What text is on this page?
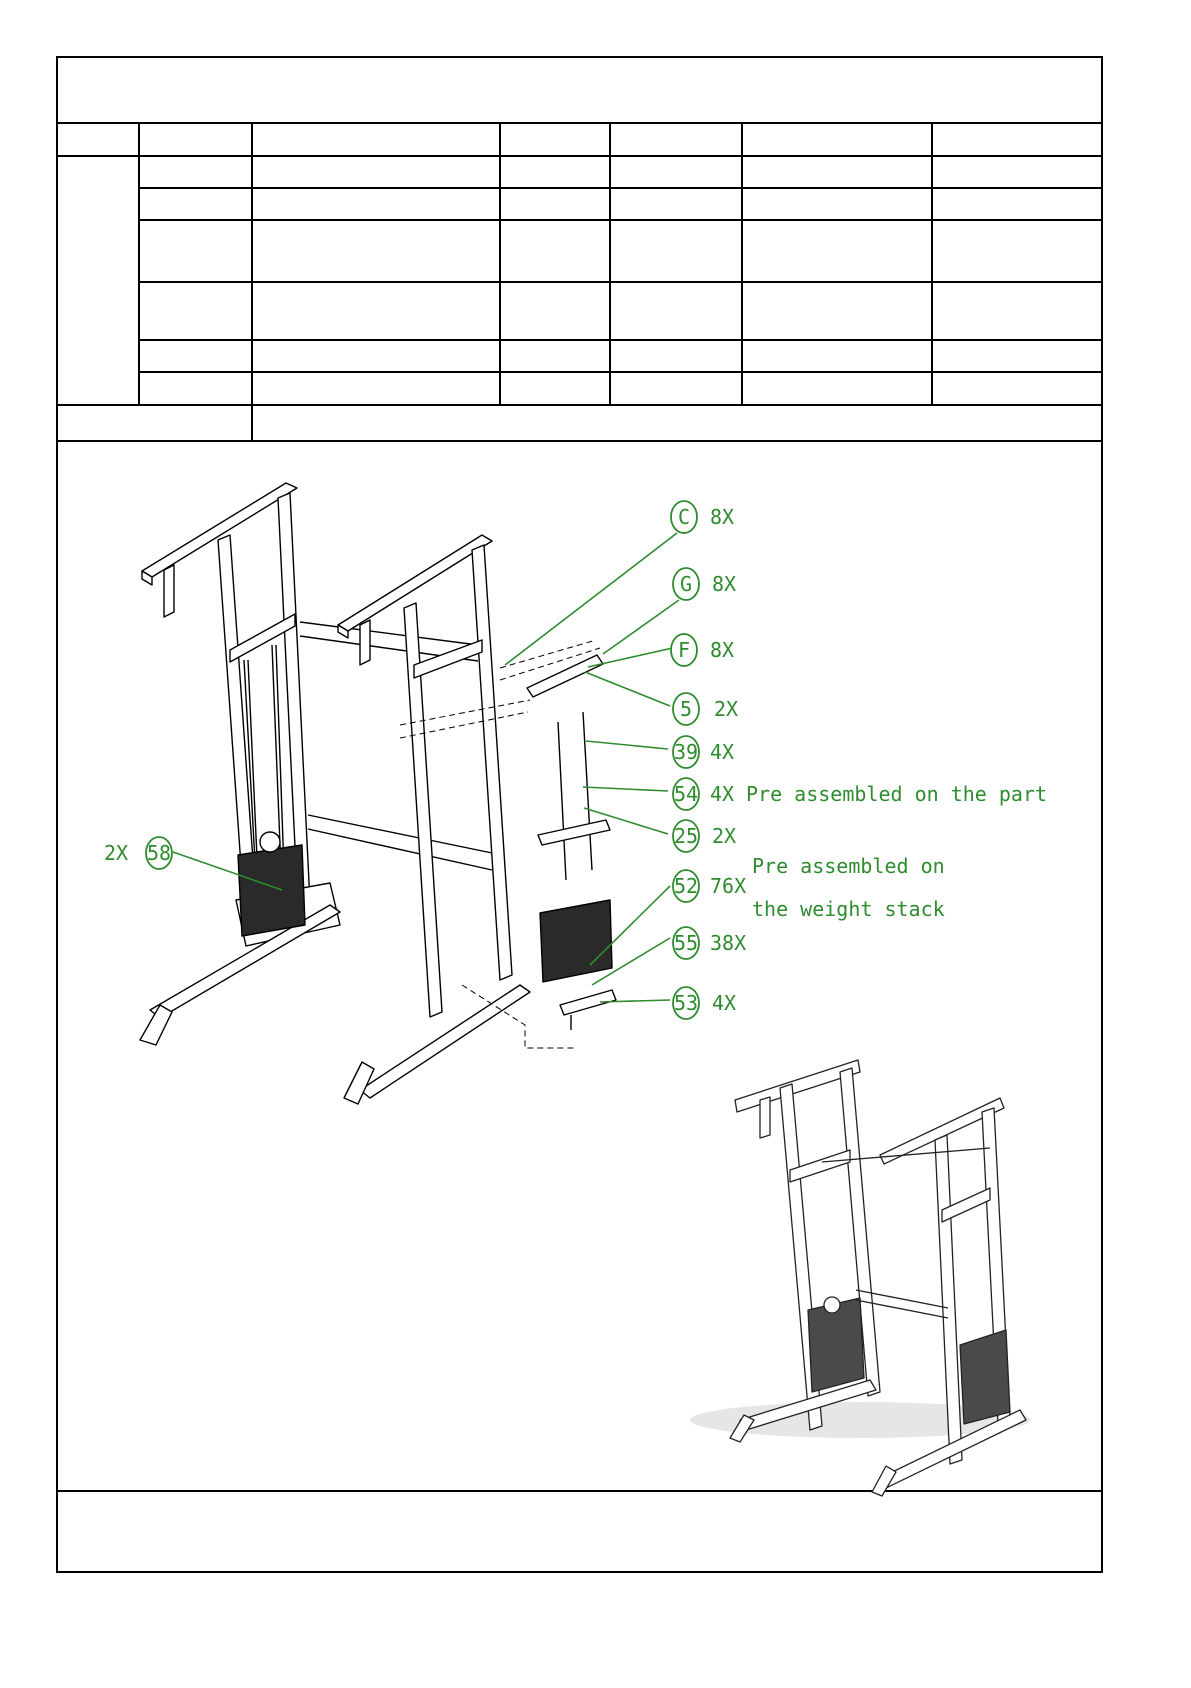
C 8X
G 8X
F 8X
5 2X
39 4X
54 4X Pre assembled on the part
25 2X
52 76X
55 38X
53 4X
58
2X
Pre assembled on
the weight stack
